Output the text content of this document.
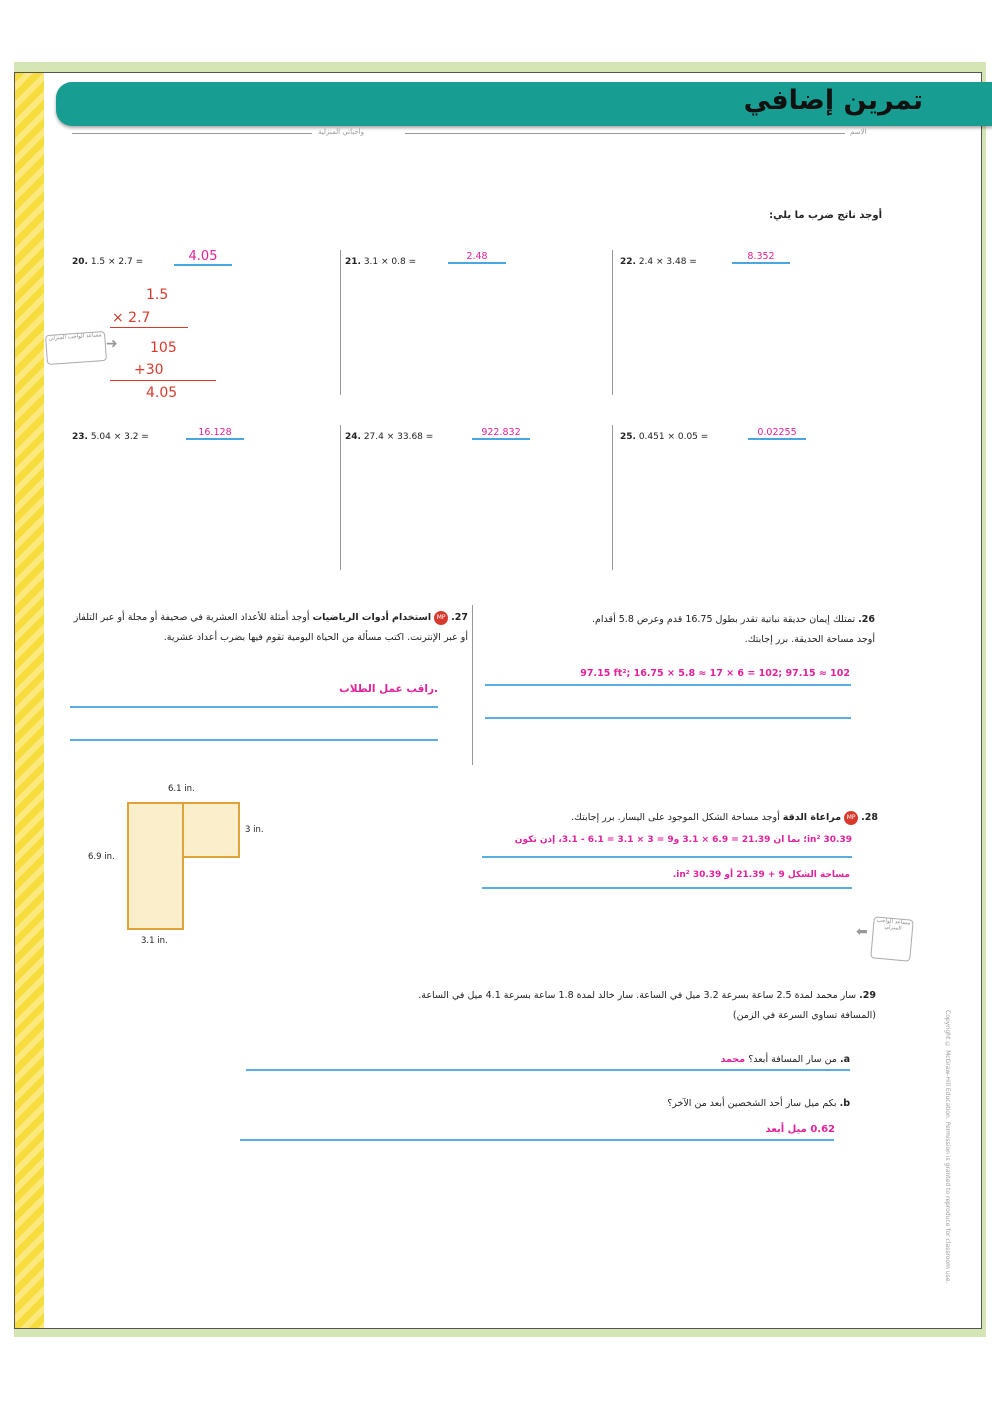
الاسم
واجباتي المنزلية
تمرين إضافي
أوجد ناتج ضرب ما يلي:
20. 1.5 × 2.7 =	4.05	21. 3.1 × 0.8 =	2.48	22. 2.4 × 3.48 =	8.352
1.5
× 2.7
105
+30
4.05
مساعد الواجب المنزلي ➜
23. 5.04 × 3.2 =	16.128	24. 27.4 × 33.68 =	922.832	25. 0.451 × 0.05 =	0.02255
26. تمتلك إيمان حديقة نباتية تقدر بطول 16.75 قدم وعرض 5.8 أقدام.
أوجد مساحة الحديقة. برر إجابتك.
97.15 ft²; 16.75 × 5.8 ≈ 17 × 6 = 102; 97.15 ≈ 102
27. MP استخدام أدوات الرياضيات أوجد أمثلة للأعداد العشرية في صحيفة أو مجلة أو عبر التلفاز أو عبر الإنترنت. اكتب مسألة من الحياة اليومية تقوم فيها بضرب أعداد عشرية.
راقب عمل الطلاب.
6.1 in.
3 in.
6.9 in.
3.1 in.
28. MP مراعاة الدقة أوجد مساحة الشكل الموجود على اليسار. برر إجابتك.
30.39 in²؛ بما أن 21.39 = 6.9 × 3.1 و9 = 3 × 3.1 = 6.1 - 3.1، إذن تكون
مساحة الشكل 9 + 21.39 أو 30.39 in².
مساعد الواجب المنزلي
⬅
29. سار محمد لمدة 2.5 ساعة بسرعة 3.2 ميل في الساعة. سار خالد لمدة 1.8 ساعة بسرعة 4.1 ميل في الساعة.
(المسافة تساوي السرعة في الزمن)
a. من سار المسافة أبعد؟ محمد
b. بكم ميل سار أحد الشخصين أبعد من الآخر؟
0.62 ميل أبعد	Copyright © McGraw-Hill Education. Permission is granted to reproduce for classroom use.
